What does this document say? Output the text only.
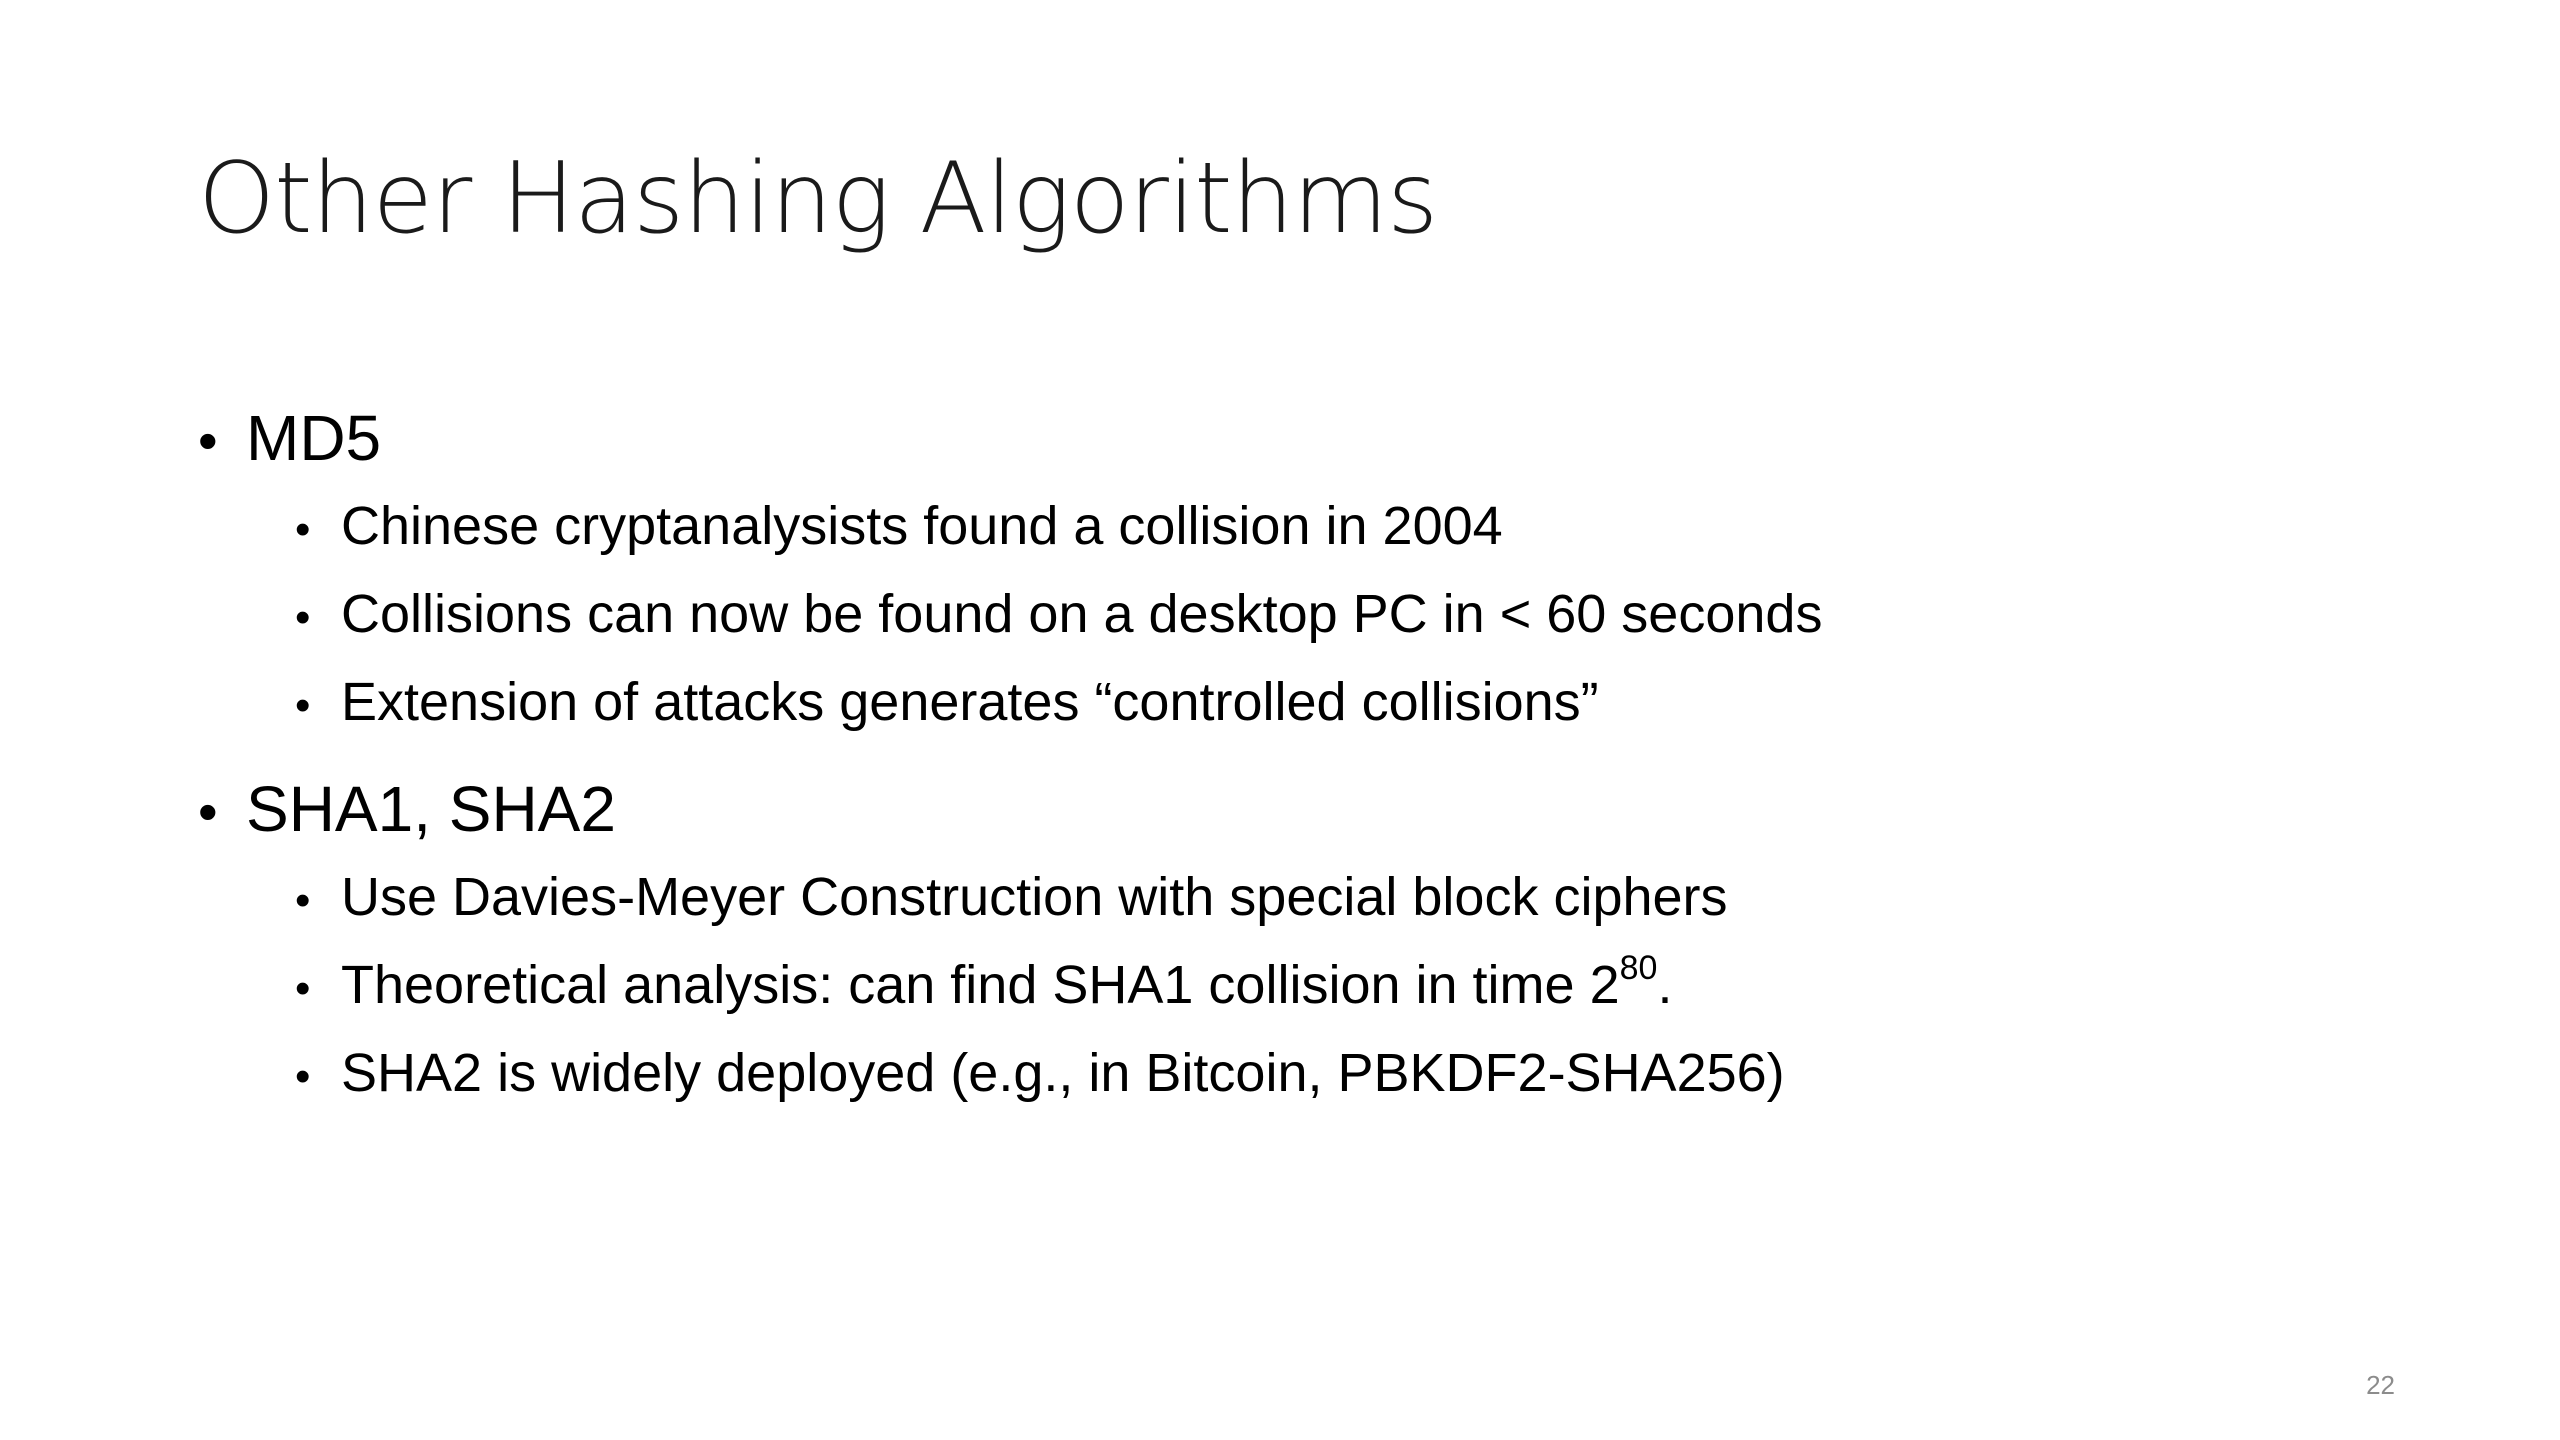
Other Hashing Algorithms
• MD5
• Chinese cryptanalysists found a collision in 2004
• Collisions can now be found on a desktop PC in < 60 seconds
• Extension of attacks generates “controlled collisions”
• SHA1, SHA2
• Use Davies-Meyer Construction with special block ciphers
• Theoretical analysis: can find SHA1 collision in time $2^{80}$.
• SHA2 is widely deployed (e.g., in Bitcoin, PBKDF2-SHA256)
22
